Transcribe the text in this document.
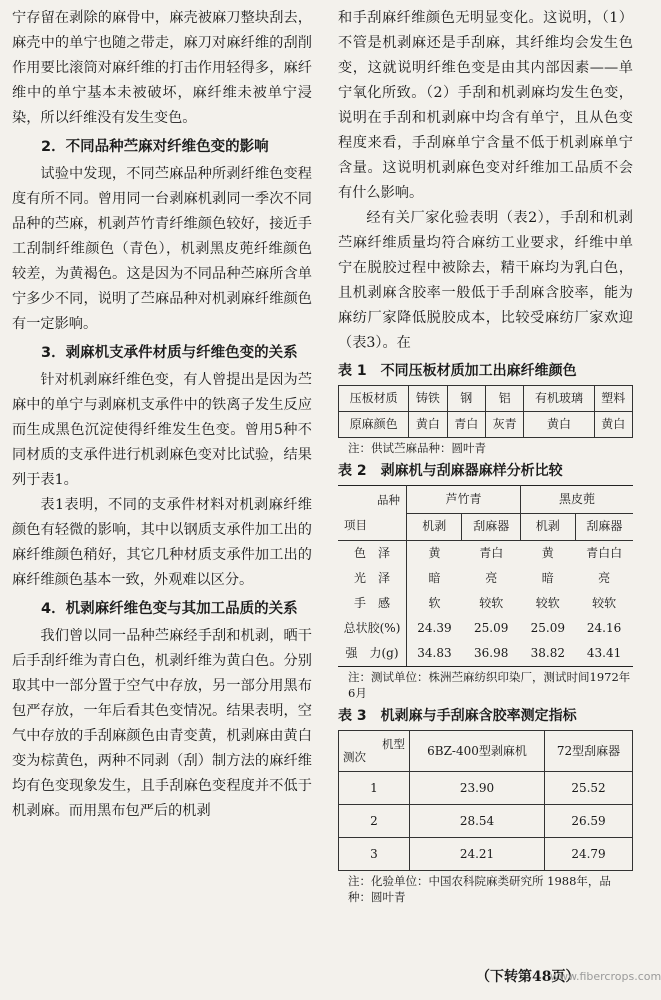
宁存留在剥除的麻骨中，麻壳被麻刀整块刮去，麻壳中的单宁也随之带走，麻刀对麻纤维的刮削作用要比滚筒对麻纤维的打击作用轻得多，麻纤维中的单宁基本未被破坏，麻纤维未被单宁浸染，所以纤维没有发生变色。

2．不同品种苎麻对纤维色变的影响

试验中发现，不同苎麻品种所剥纤维色变程度有所不同。曾用同一台剥麻机剥同一季次不同品种的苎麻，机剥芦竹青纤维颜色较好，接近手工刮制纤维颜色（青色），机剥黑皮蔸纤维颜色较差，为黄褐色。这是因为不同品种苎麻所含单宁多少不同，说明了苎麻品种对机剥麻纤维颜色有一定影响。

3．剥麻机支承件材质与纤维色变的关系

针对机剥麻纤维色变，有人曾提出是因为苎麻中的单宁与剥麻机支承件中的铁离子发生反应而生成黑色沉淀使得纤维发生色变。曾用5种不同材质的支承件进行机剥麻色变对比试验，结果列于表1。

表1表明，不同的支承件材料对机剥麻纤维颜色有轻微的影响，其中以钢质支承件加工出的麻纤维颜色稍好，其它几种材质支承件加工出的麻纤维颜色基本一致，外观难以区分。

4．机剥麻纤维色变与其加工品质的关系

我们曾以同一品种苎麻经手刮和机剥，晒干后手刮纤维为青白色，机剥纤维为黄白色。分别取其中一部分置于空气中存放，另一部分用黑布包严存放，一年后看其色变情况。结果表明，空气中存放的手刮麻颜色由青变黄，机剥麻由黄白变为棕黄色，两种不同剥（刮）制方法的麻纤维均有色变现象发生，且手刮麻色变程度并不低于机剥麻。而用黑布包严后的机剥

和手刮麻纤维颜色无明显变化。这说明，（1）不管是机剥麻还是手刮麻，其纤维均会发生色变，这就说明纤维色变是由其内部因素——单宁氧化所致。（2）手刮和机剥麻均发生色变，说明在手刮和机剥麻中均含有单宁，且从色变程度来看，手刮麻单宁含量不低于机剥麻单宁含量。这说明机剥麻色变对纤维加工品质不会有什么影响。

经有关厂家化验表明（表2），手刮和机剥苎麻纤维质量均符合麻纺工业要求，纤维中单宁在脱胶过程中被除去，精干麻均为乳白色，且机剥麻含胶率一般低于手刮麻含胶率，能为麻纺厂家降低脱胶成本，比较受麻纺厂家欢迎（表3）。在

表 1　不同压板材质加工出麻纤维颜色
压板材质	铸铁	钢	铝	有机玻璃	塑料
原麻颜色	黄白	青白	灰青	黄白	黄白
注：供试苎麻品种：圆叶青
表 2　剥麻机与刮麻器麻样分析比较
品种
项目	芦竹青		黑皮蔸	
	机剥	刮麻器	机剥	刮麻器
色　泽	黄	青白	黄	青白白
光　泽	暗	亮	暗	亮
手　感	软	较软	较软	较软
总状胶(%)	24.39	25.09	25.09	24.16
强　力(g)	34.83	36.98	38.82	43.41
注：测试单位：株洲苎麻纺织印染厂，测试时间1972年6月
表 3　机剥麻与手刮麻含胶率测定指标
机型
测次	6BZ-400型剥麻机	72型刮麻器
1	23.90	25.52
2	28.54	26.59
3	24.21	24.79
注：化验单位：中国农科院麻类研究所 1988年，品种：圆叶青
（下转第48页）
www.fibercrops.com
